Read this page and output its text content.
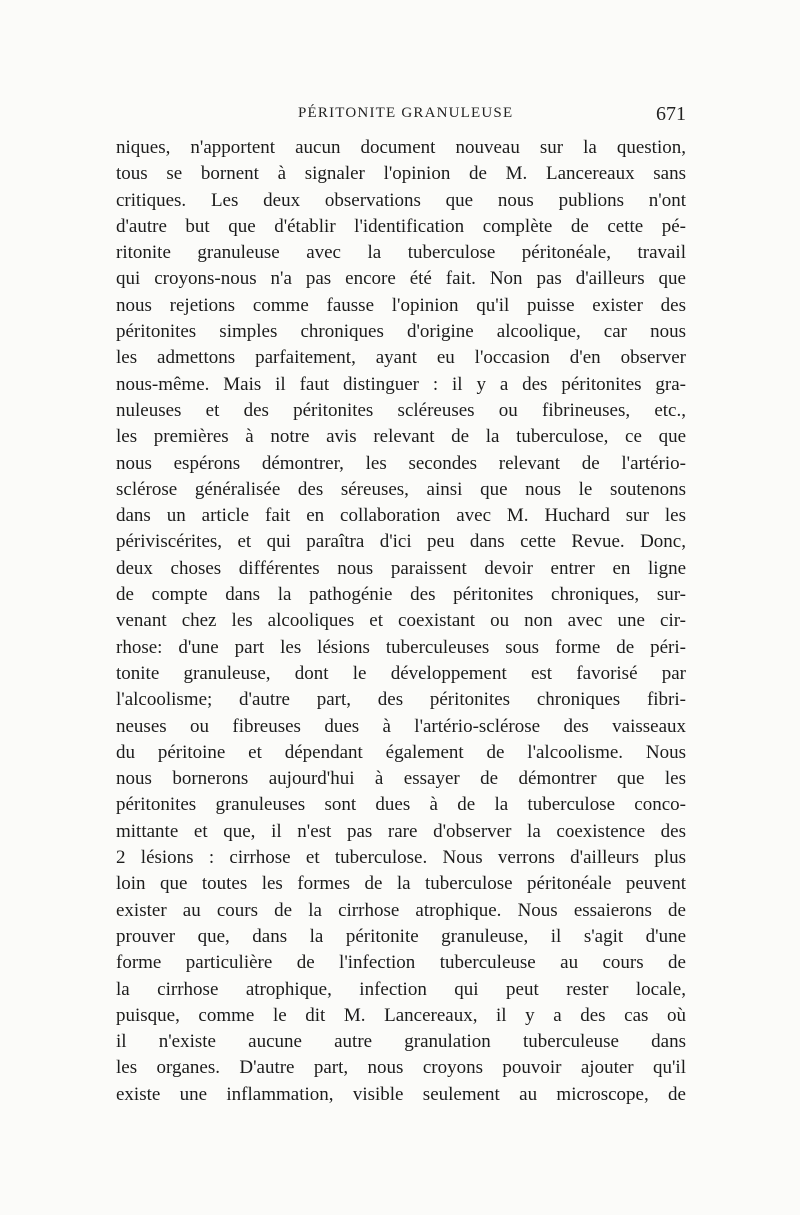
PÉRITONITE GRANULEUSE	671
niques, n'apportent aucun document nouveau sur la question,
tous se bornent à signaler l'opinion de M. Lancereaux sans
critiques. Les deux observations que nous publions n'ont
d'autre but que d'établir l'identification complète de cette pé-
ritonite granuleuse avec la tuberculose péritonéale, travail
qui croyons-nous n'a pas encore été fait. Non pas d'ailleurs que
nous rejetions comme fausse l'opinion qu'il puisse exister des
péritonites simples chroniques d'origine alcoolique, car nous
les admettons parfaitement, ayant eu l'occasion d'en observer
nous-même. Mais il faut distinguer : il y a des péritonites gra-
nuleuses et des péritonites scléreuses ou fibrineuses, etc.,
les premières à notre avis relevant de la tuberculose, ce que
nous espérons démontrer, les secondes relevant de l'artério-
sclérose généralisée des séreuses, ainsi que nous le soutenons
dans un article fait en collaboration avec M. Huchard sur les
périviscérites, et qui paraîtra d'ici peu dans cette Revue. Donc,
deux choses différentes nous paraissent devoir entrer en ligne
de compte dans la pathogénie des péritonites chroniques, sur-
venant chez les alcooliques et coexistant ou non avec une cir-
rhose: d'une part les lésions tuberculeuses sous forme de péri-
tonite granuleuse, dont le développement est favorisé par
l'alcoolisme; d'autre part, des péritonites chroniques fibri-
neuses ou fibreuses dues à l'artério-sclérose des vaisseaux
du péritoine et dépendant également de l'alcoolisme. Nous
nous bornerons aujourd'hui à essayer de démontrer que les
péritonites granuleuses sont dues à de la tuberculose conco-
mittante et que, il n'est pas rare d'observer la coexistence des
2 lésions : cirrhose et tuberculose. Nous verrons d'ailleurs plus
loin que toutes les formes de la tuberculose péritonéale peuvent
exister au cours de la cirrhose atrophique. Nous essaierons de
prouver que, dans la péritonite granuleuse, il s'agit d'une
forme particulière de l'infection tuberculeuse au cours de
la cirrhose atrophique, infection qui peut rester locale,
puisque, comme le dit M. Lancereaux, il y a des cas où
il n'existe aucune autre granulation tuberculeuse dans
les organes. D'autre part, nous croyons pouvoir ajouter qu'il
existe une inflammation, visible seulement au microscope, de
